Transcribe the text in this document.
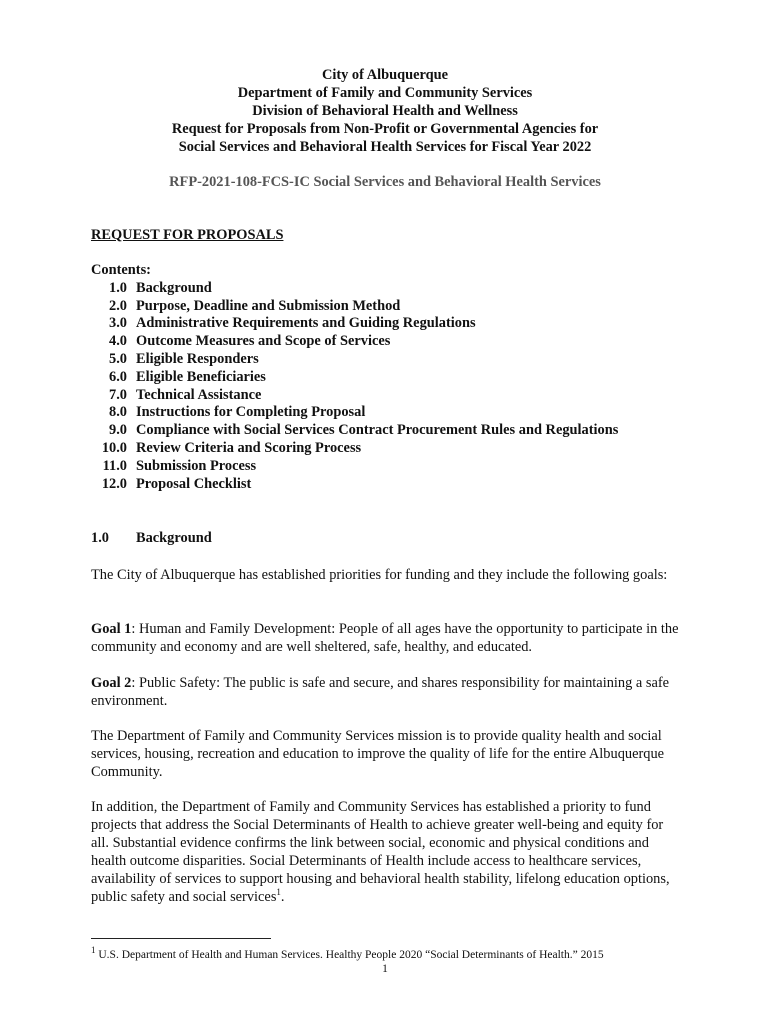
City of Albuquerque
Department of Family and Community Services
Division of Behavioral Health and Wellness
Request for Proposals from Non-Profit or Governmental Agencies for
Social Services and Behavioral Health Services for Fiscal Year 2022
RFP-2021-108-FCS-IC Social Services and Behavioral Health Services
REQUEST FOR PROPOSALS
Contents:
1.0 Background
2.0 Purpose, Deadline and Submission Method
3.0 Administrative Requirements and Guiding Regulations
4.0 Outcome Measures and Scope of Services
5.0 Eligible Responders
6.0 Eligible Beneficiaries
7.0 Technical Assistance
8.0 Instructions for Completing Proposal
9.0 Compliance with Social Services Contract Procurement Rules and Regulations
10.0 Review Criteria and Scoring Process
11.0 Submission Process
12.0 Proposal Checklist
1.0 Background
The City of Albuquerque has established priorities for funding and they include the following goals:
Goal 1: Human and Family Development: People of all ages have the opportunity to participate in the community and economy and are well sheltered, safe, healthy, and educated.
Goal 2: Public Safety: The public is safe and secure, and shares responsibility for maintaining a safe environment.
The Department of Family and Community Services mission is to provide quality health and social services, housing, recreation and education to improve the quality of life for the entire Albuquerque Community.
In addition, the Department of Family and Community Services has established a priority to fund projects that address the Social Determinants of Health to achieve greater well-being and equity for all. Substantial evidence confirms the link between social, economic and physical conditions and health outcome disparities. Social Determinants of Health include access to healthcare services, availability of services to support housing and behavioral health stability, lifelong education options, public safety and social services$^1$.
$^1$ U.S. Department of Health and Human Services. Healthy People 2020 “Social Determinants of Health.” 2015
1
